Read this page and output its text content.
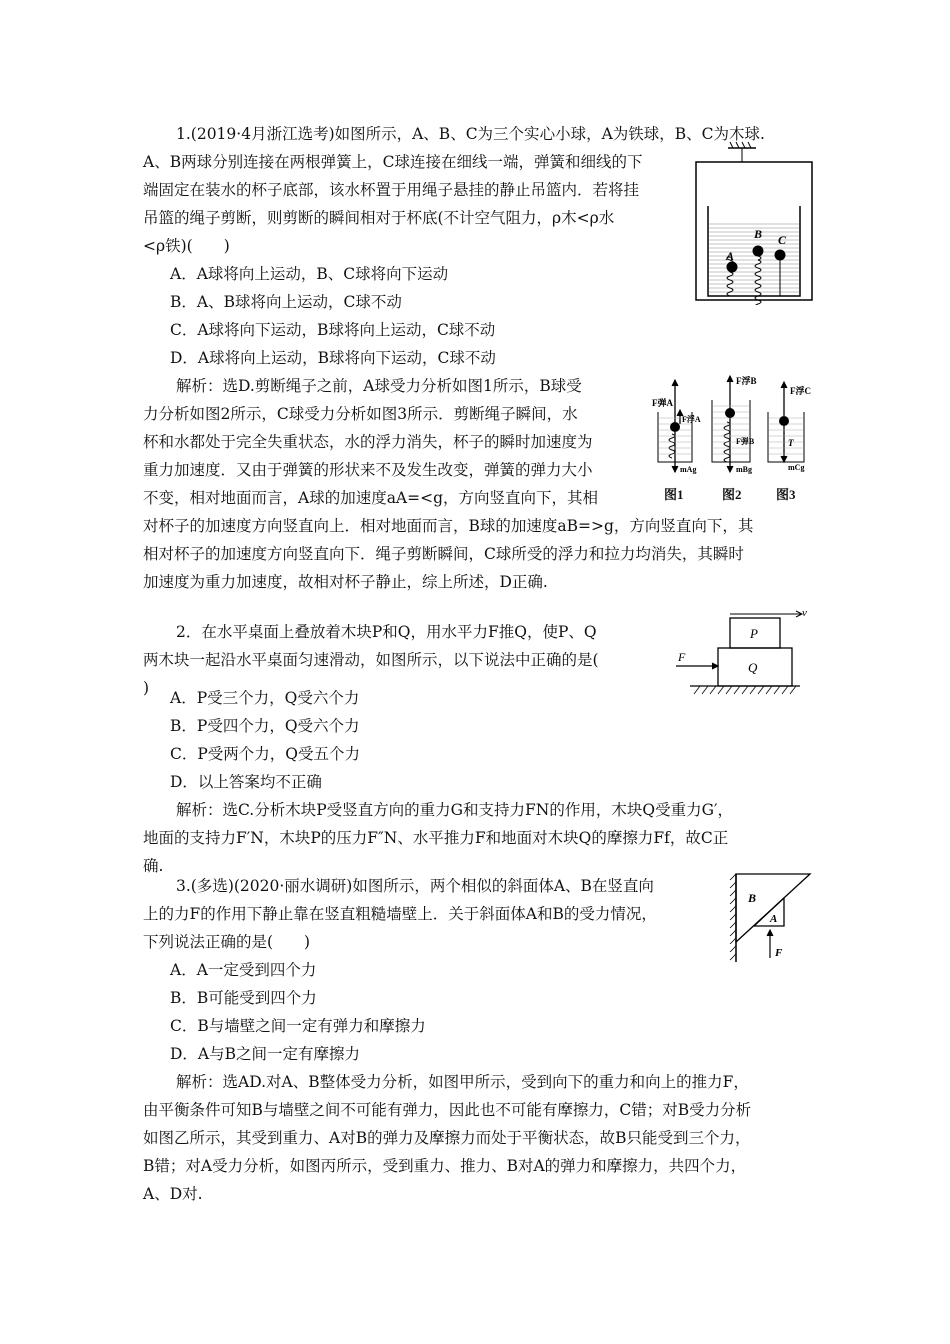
1.(2019·4月浙江选考)如图所示，A、B、C为三个实心小球，A为铁球，B、C为木球.
A、B两球分别连接在两根弹簧上，C球连接在细线一端，弹簧和细线的下
端固定在装水的杯子底部，该水杯置于用绳子悬挂的静止吊篮内．若将挂
吊篮的绳子剪断，则剪断的瞬间相对于杯底(不计空气阻力，ρ木<ρ水
<ρ铁)(　　)
A．A球将向上运动，B、C球将向下运动
B．A、B球将向上运动，C球不动
C．A球将向下运动，B球将向上运动，C球不动
D．A球将向上运动，B球将向下运动，C球不动
解析：选D.剪断绳子之前，A球受力分析如图1所示，B球受
力分析如图2所示，C球受力分析如图3所示．剪断绳子瞬间，水
杯和水都处于完全失重状态，水的浮力消失，杯子的瞬时加速度为
重力加速度．又由于弹簧的形状来不及发生改变，弹簧的弹力大小
不变，相对地面而言，A球的加速度aA=<g，方向竖直向下，其相
对杯子的加速度方向竖直向上．相对地面而言，B球的加速度aB=>g，方向竖直向下，其
相对杯子的加速度方向竖直向下．绳子剪断瞬间，C球所受的浮力和拉力均消失，其瞬时
加速度为重力加速度，故相对杯子静止，综上所述，D正确.
A
B C
F弹A
F浮A
mAg
F浮B
F弹B
mBg
F浮C
T
mCg
图1	图2	图3
2．在水平桌面上叠放着木块P和Q，用水平力F推Q，使P、Q
两木块一起沿水平桌面匀速滑动，如图所示，以下说法中正确的是(
)
A．P受三个力，Q受六个力
B．P受四个力，Q受六个力
C．P受两个力，Q受五个力
D．以上答案均不正确
解析：选C.分析木块P受竖直方向的重力G和支持力FN的作用，木块Q受重力G′，
地面的支持力F′N，木块P的压力F″N、水平推力F和地面对木块Q的摩擦力Ff，故C正
确.
v
P
Q
F
3.(多选)(2020·丽水调研)如图所示，两个相似的斜面体A、B在竖直向
上的力F的作用下静止靠在竖直粗糙墙壁上．关于斜面体A和B的受力情况，
下列说法正确的是(　　)
A．A一定受到四个力
B．B可能受到四个力
C．B与墙壁之间一定有弹力和摩擦力
D．A与B之间一定有摩擦力
解析：选AD.对A、B整体受力分析，如图甲所示，受到向下的重力和向上的推力F，
由平衡条件可知B与墙壁之间不可能有弹力，因此也不可能有摩擦力，C错；对B受力分析
如图乙所示，其受到重力、A对B的弹力及摩擦力而处于平衡状态，故B只能受到三个力，
B错；对A受力分析，如图丙所示，受到重力、推力、B对A的弹力和摩擦力，共四个力，
A、D对.
B
A
F
